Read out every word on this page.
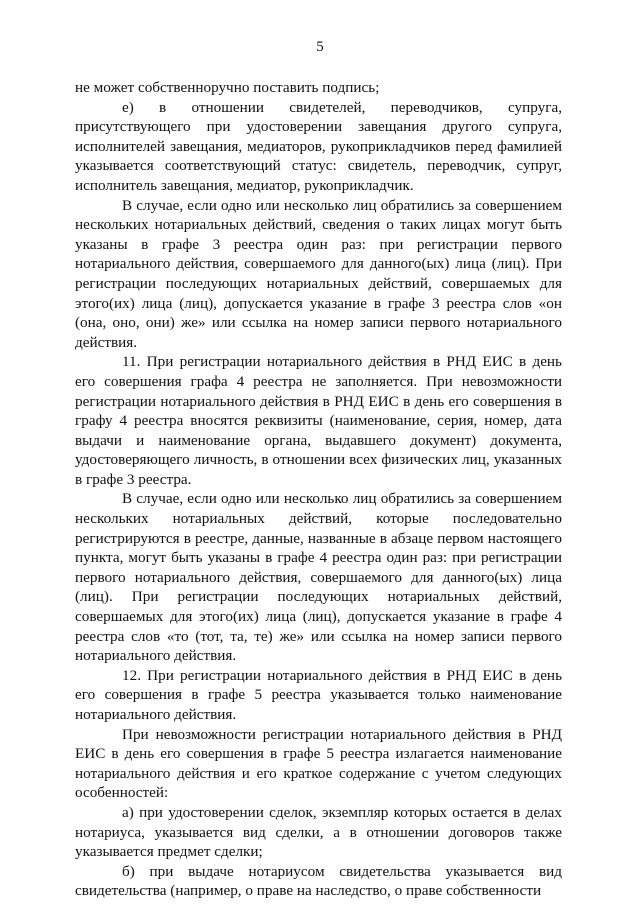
5

не может собственноручно поставить подпись;

е) в отношении свидетелей, переводчиков, супруга, присутствующего при удостоверении завещания другого супруга, исполнителей завещания, медиаторов, рукоприкладчиков перед фамилией указывается соответствующий статус: свидетель, переводчик, супруг, исполнитель завещания, медиатор, рукоприкладчик.

В случае, если одно или несколько лиц обратились за совершением нескольких нотариальных действий, сведения о таких лицах могут быть указаны в графе 3 реестра один раз: при регистрации первого нотариального действия, совершаемого для данного(ых) лица (лиц). При регистрации последующих нотариальных действий, совершаемых для этого(их) лица (лиц), допускается указание в графе 3 реестра слов «он (она, оно, они) же» или ссылка на номер записи первого нотариального действия.

11. При регистрации нотариального действия в РНД ЕИС в день его совершения графа 4 реестра не заполняется. При невозможности регистрации нотариального действия в РНД ЕИС в день его совершения в графу 4 реестра вносятся реквизиты (наименование, серия, номер, дата выдачи и наименование органа, выдавшего документ) документа, удостоверяющего личность, в отношении всех физических лиц, указанных в графе 3 реестра.

В случае, если одно или несколько лиц обратились за совершением нескольких нотариальных действий, которые последовательно регистрируются в реестре, данные, названные в абзаце первом настоящего пункта, могут быть указаны в графе 4 реестра один раз: при регистрации первого нотариального действия, совершаемого для данного(ых) лица (лиц). При регистрации последующих нотариальных действий, совершаемых для этого(их) лица (лиц), допускается указание в графе 4 реестра слов «то (тот, та, те) же» или ссылка на номер записи первого нотариального действия.

12. При регистрации нотариального действия в РНД ЕИС в день его совершения в графе 5 реестра указывается только наименование нотариального действия.

При невозможности регистрации нотариального действия в РНД ЕИС в день его совершения в графе 5 реестра излагается наименование нотариального действия и его краткое содержание с учетом следующих особенностей:

а) при удостоверении сделок, экземпляр которых остается в делах нотариуса, указывается вид сделки, а в отношении договоров также указывается предмет сделки;

б) при выдаче нотариусом свидетельства указывается вид свидетельства (например, о праве на наследство, о праве собственности
